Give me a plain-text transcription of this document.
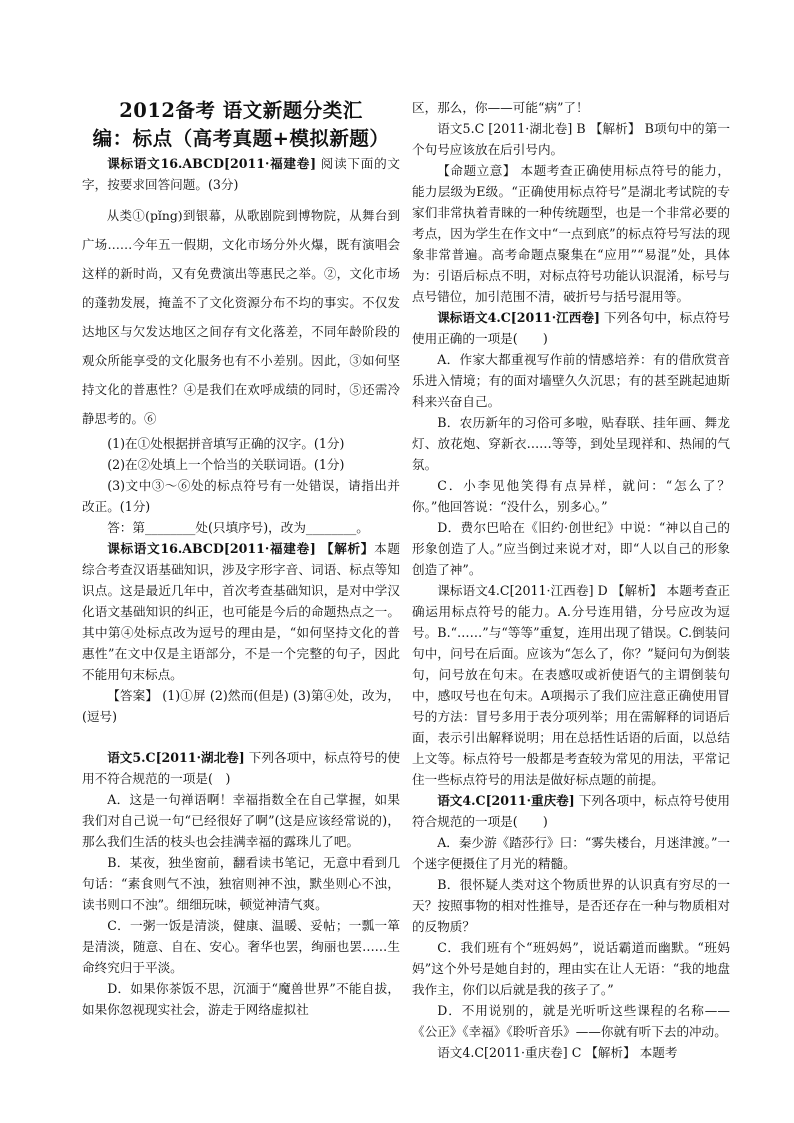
2012备考 语文新题分类汇
编：标点（高考真题+模拟新题）

课标语文16.ABCD[2011·福建卷] 阅读下面的文字，按要求回答问题。(3分)

从类①(pǐng)到银幕，从歌剧院到博物院，从舞台到广场……今年五一假期，文化市场分外火爆，既有演唱会这样的新时尚，又有免费演出等惠民之举。②，文化市场的蓬勃发展，掩盖不了文化资源分布不均的事实。不仅发达地区与欠发达地区之间存有文化落差，不同年龄阶段的观众所能享受的文化服务也有不小差别。因此，③如何坚持文化的普惠性？④是我们在欢呼成绩的同时，⑤还需冷静思考的。⑥

(1)在①处根据拼音填写正确的汉字。(1分)

(2)在②处填上一个恰当的关联词语。(1分)

(3)文中③～⑥处的标点符号有一处错误，请指出并改正。(1分)

答：第________处(只填序号)，改为________。

课标语文16.ABCD[2011·福建卷] 【解析】本题综合考查汉语基础知识，涉及字形字音、词语、标点等知识点。这是最近几年中，首次考查基础知识，是对中学汉化语文基础知识的纠正，也可能是今后的命题热点之一。其中第④处标点改为逗号的理由是，“如何坚持文化的普惠性”在文中仅是主语部分，不是一个完整的句子，因此不能用句末标点。

【答案】 (1)①屏 (2)然而(但是) (3)第④处，改为，(逗号)

语文5.C[2011·湖北卷] 下列各项中，标点符号的使用不符合规范的一项是(　)

A．这是一句禅语啊！幸福指数全在自己掌握，如果我们对自己说一句“已经很好了啊”(这是应该经常说的)，那么我们生活的枝头也会挂满幸福的露珠儿了吧。

B．某夜，独坐窗前，翻看读书笔记，无意中看到几句话：“素食则气不浊，独宿则神不浊，默坐则心不浊，读书则口不浊”。细细玩味，顿觉神清气爽。

C．一粥一饭是清淡，健康、温暖、妥帖；一瓢一箪是清淡，随意、自在、安心。奢华也罢，绚丽也罢……生命终究归于平淡。

D．如果你茶饭不思，沉湎于“魔兽世界”不能自拔，如果你忽视现实社会，游走于网络虚拟社

区，那么，你——可能“病”了！

语文5.C [2011·湖北卷] B 【解析】 B项句中的第一个句号应该放在后引号内。

【命题立意】 本题考查正确使用标点符号的能力，能力层级为E级。“正确使用标点符号”是湖北考试院的专家们非常执着青睐的一种传统题型，也是一个非常必要的考点，因为学生在作文中“一点到底”的标点符号写法的现象非常普遍。高考命题点聚集在“应用”“易混”处，具体为：引语后标点不明，对标点符号功能认识混淆，标号与点号错位，加引范围不清，破折号与括号混用等。

课标语文4.C[2011·江西卷] 下列各句中，标点符号使用正确的一项是(　　)

A．作家大都重视写作前的情感培养：有的借欣赏音乐进入情境；有的面对墙壁久久沉思；有的甚至跳起迪斯科来兴奋自己。

B．农历新年的习俗可多啦，贴春联、挂年画、舞龙灯、放花炮、穿新衣……等等，到处呈现祥和、热闹的气氛。

C．小李见他笑得有点异样，就问：“怎么了？你。”他回答说：“没什么，别多心。”

D．费尔巴哈在《旧约·创世纪》中说：“神以自己的形象创造了人。”应当倒过来说才对，即“人以自己的形象创造了神”。

课标语文4.C[2011·江西卷] D 【解析】 本题考查正确运用标点符号的能力。A.分号连用错，分号应改为逗号。B.“……”与“等等”重复，连用出现了错误。C.倒装问句中，问号在后面。应该为“怎么了，你？”疑问句为倒装句，问号放在句末。在表感叹或祈使语气的主谓倒装句中，感叹号也在句末。A项揭示了我们应注意正确使用冒号的方法：冒号多用于表分项列举；用在需解释的词语后面，表示引出解释说明；用在总括性话语的后面，以总结上文等。标点符号一般都是考查较为常见的用法，平常记住一些标点符号的用法是做好标点题的前提。

语文4.C[2011·重庆卷] 下列各项中，标点符号使用符合规范的一项是(　　)

A．秦少游《踏莎行》曰：“雾失楼台，月迷津渡。”一个迷字便摄住了月光的精髓。

B．很怀疑人类对这个物质世界的认识真有穷尽的一天？按照事物的相对性推导，是否还存在一种与物质相对的反物质？

C．我们班有个“班妈妈”，说话霸道而幽默。“班妈妈”这个外号是她自封的，理由实在让人无语：“我的地盘我作主，你们以后就是我的孩子了。”

D．不用说别的，就是光听听这些课程的名称——《公正》《幸福》《聆听音乐》——你就有听下去的冲动。

语文4.C[2011·重庆卷] C 【解析】 本题考
